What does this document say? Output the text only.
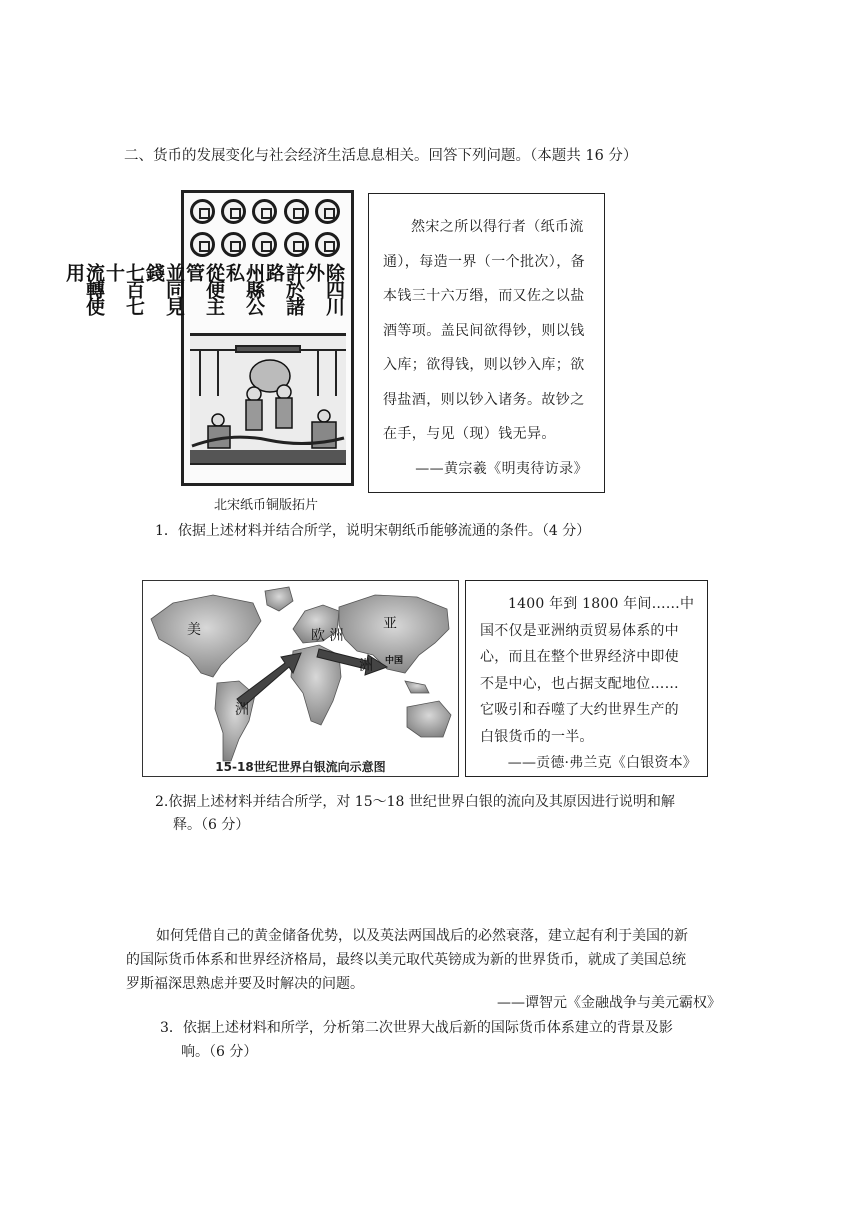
二、货币的发展变化与社会经济生活息息相关。回答下列问题。（本题共 16 分）
除四川外
許於諸路
州縣公私
從便主管
並同見錢
七百七十
流轉使用
北宋纸币铜版拓片
然宋之所以得行者（纸币流
通），每造一界（一个批次），备
本钱三十六万缗，而又佐之以盐
酒等项。盖民间欲得钞，则以钱
入库；欲得钱，则以钞入库；欲
得盐酒，则以钞入诸务。故钞之
在手，与见（现）钱无异。
——黄宗羲《明夷待访录》
1．依据上述材料并结合所学，说明宋朝纸币能够流通的条件。（4 分）
美
洲
欧 洲
亚
洲 中国
15-18世纪世界白银流向示意图
1400 年到 1800 年间……中
国不仅是亚洲纳贡贸易体系的中
心，而且在整个世界经济中即使
不是中心，也占据支配地位……
它吸引和吞噬了大约世界生产的
白银货币的一半。
——贡德·弗兰克《白银资本》
2.依据上述材料并结合所学，对 15～18 世纪世界白银的流向及其原因进行说明和解
释。（6 分）
如何凭借自己的黄金储备优势，以及英法两国战后的必然衰落，建立起有利于美国的新
的国际货币体系和世界经济格局，最终以美元取代英镑成为新的世界货币，就成了美国总统
罗斯福深思熟虑并要及时解决的问题。
——谭智元《金融战争与美元霸权》
3．依据上述材料和所学，分析第二次世界大战后新的国际货币体系建立的背景及影
响。（6 分）
